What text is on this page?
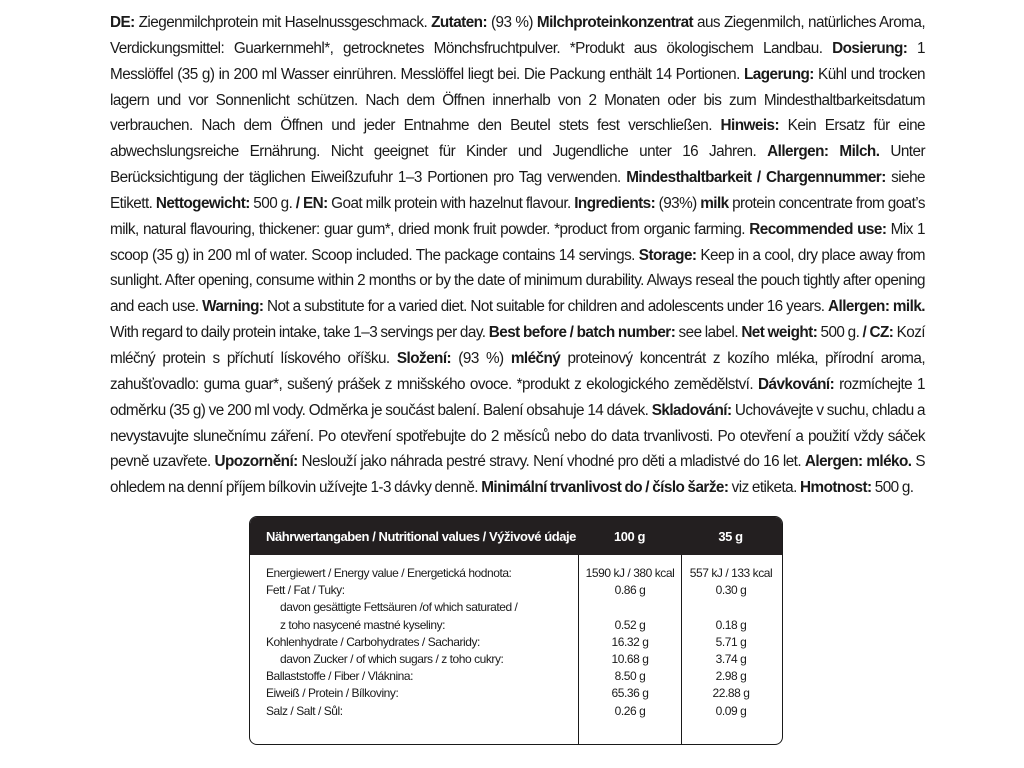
DE: Ziegenmilchprotein mit Haselnussgeschmack. Zutaten: (93 %) Milchproteinkonzentrat aus Ziegenmilch, natürliches Aroma, Verdickungsmittel: Guarkernmehl*, getrocknetes Mönchsfruchtpulver. *Produkt aus ökologischem Landbau. Dosierung: 1 Messlöffel (35 g) in 200 ml Wasser einrühren. Messlöffel liegt bei. Die Packung enthält 14 Portionen. Lagerung: Kühl und trocken lagern und vor Sonnenlicht schützen. Nach dem Öffnen innerhalb von 2 Monaten oder bis zum Mindesthaltbarkeitsdatum verbrauchen. Nach dem Öffnen und jeder Entnahme den Beutel stets fest verschließen. Hinweis: Kein Ersatz für eine abwechslungsreiche Ernährung. Nicht geeignet für Kinder und Jugendliche unter 16 Jahren. Allergen: Milch. Unter Berücksichtigung der täglichen Eiweißzufuhr 1–3 Portionen pro Tag verwenden. Mindesthaltbarkeit / Chargennummer: siehe Etikett. Nettogewicht: 500 g. / EN: Goat milk protein with hazelnut flavour. Ingredients: (93%) milk protein concentrate from goat’s milk, natural flavouring, thickener: guar gum*, dried monk fruit powder. *product from organic farming. Recommended use: Mix 1 scoop (35 g) in 200 ml of water. Scoop included. The package contains 14 servings. Storage: Keep in a cool, dry place away from sunlight. After opening, consume within 2 months or by the date of minimum durability. Always reseal the pouch tightly after opening and each use. Warning: Not a substitute for a varied diet. Not suitable for children and adolescents under 16 years. Allergen: milk. With regard to daily protein intake, take 1–3 servings per day. Best before / batch number: see label. Net weight: 500 g. / CZ: Kozí mléčný protein s příchutí lískového oříšku. Složení: (93 %) mléčný proteinový koncentrát z kozího mléka, přírodní aroma, zahušťovadlo: guma guar*, sušený prášek z mnišského ovoce. *produkt z ekologického zemědělství. Dávkování: rozmíchejte 1 odměrku (35 g) ve 200 ml vody. Odměrka je součást balení. Balení obsahuje 14 dávek. Skladování: Uchovávejte v suchu, chladu a nevystavujte slunečnímu záření. Po otevření spotřebujte do 2 měsíců nebo do data trvanlivosti. Po otevření a použití vždy sáček pevně uzavřete. Upozornění: Neslouží jako náhrada pestré stravy. Není vhodné pro děti a mladistvé do 16 let. Alergen: mléko. S ohledem na denní příjem bílkovin užívejte 1-3 dávky denně. Minimální trvanlivost do / číslo šarže: viz etiketa. Hmotnost: 500 g.
Nährwertangaben / Nutritional values / Výživové údaje	100 g	35 g
Energiewert / Energy value / Energetická hodnota:
Fett / Fat / Tuky:
davon gesättigte Fettsäuren /of which saturated /
z toho nasycené mastné kyseliny:
Kohlenhydrate / Carbohydrates / Sacharidy:
davon Zucker / of which sugars / z toho cukry:
Ballaststoffe / Fiber / Vláknina:
Eiweiß / Protein / Bílkoviny:
Salz / Salt / Sůl:
1590 kJ / 380 kcal
0.86 g
0.52 g
16.32 g
10.68 g
8.50 g
65.36 g
0.26 g
557 kJ / 133 kcal
0.30 g
0.18 g
5.71 g
3.74 g
2.98 g
22.88 g
0.09 g
